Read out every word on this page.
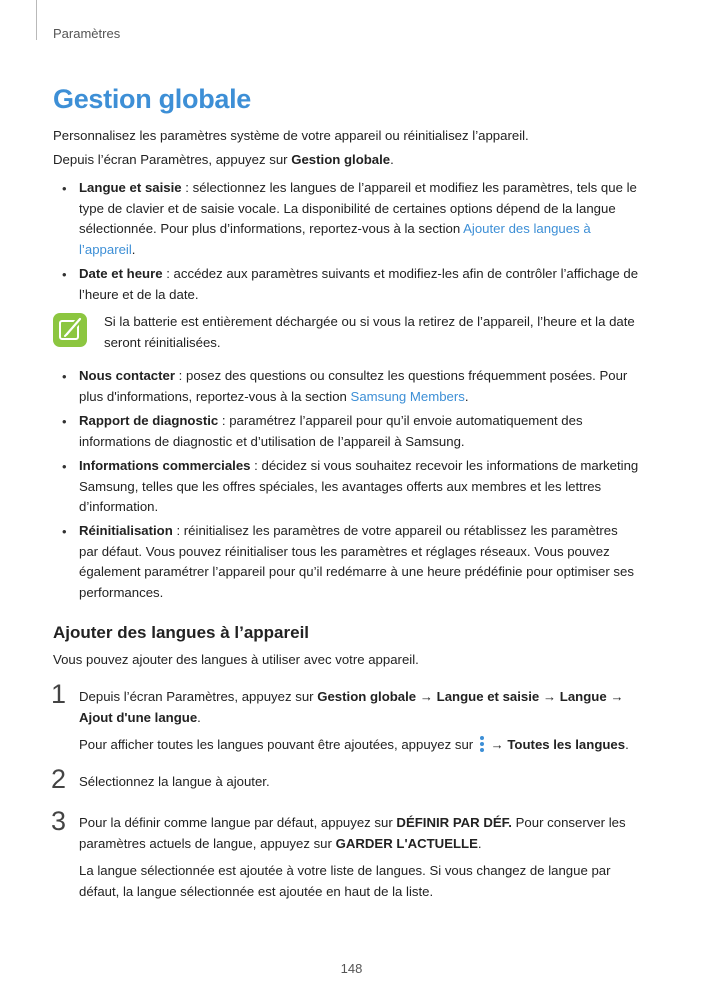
Paramètres
Gestion globale
Personnalisez les paramètres système de votre appareil ou réinitialisez l’appareil.
Depuis l’écran Paramètres, appuyez sur Gestion globale.
• Langue et saisie : sélectionnez les langues de l’appareil et modifiez les paramètres, tels que le
type de clavier et de saisie vocale. La disponibilité de certaines options dépend de la langue
sélectionnée. Pour plus d’informations, reportez-vous à la section Ajouter des langues à
l’appareil.
• Date et heure : accédez aux paramètres suivants et modifiez-les afin de contrôler l’affichage de
l’heure et de la date.
Si la batterie est entièrement déchargée ou si vous la retirez de l’appareil, l’heure et la date
seront réinitialisées.
• Nous contacter : posez des questions ou consultez les questions fréquemment posées. Pour
plus d'informations, reportez-vous à la section Samsung Members.
• Rapport de diagnostic : paramétrez l’appareil pour qu’il envoie automatiquement des
informations de diagnostic et d’utilisation de l’appareil à Samsung.
• Informations commerciales : décidez si vous souhaitez recevoir les informations de marketing
Samsung, telles que les offres spéciales, les avantages offerts aux membres et les lettres
d’information.
• Réinitialisation : réinitialisez les paramètres de votre appareil ou rétablissez les paramètres
par défaut. Vous pouvez réinitialiser tous les paramètres et réglages réseaux. Vous pouvez
également paramétrer l’appareil pour qu’il redémarre à une heure prédéfinie pour optimiser ses
performances.
Ajouter des langues à l’appareil
Vous pouvez ajouter des langues à utiliser avec votre appareil.
1 Depuis l’écran Paramètres, appuyez sur Gestion globale → Langue et saisie → Langue →
Ajout d'une langue.
Pour afficher toutes les langues pouvant être ajoutées, appuyez sur
→ Toutes les langues.
2 Sélectionnez la langue à ajouter.
3 Pour la définir comme langue par défaut, appuyez sur DÉFINIR PAR DÉF. Pour conserver les
paramètres actuels de langue, appuyez sur GARDER L'ACTUELLE.
La langue sélectionnée est ajoutée à votre liste de langues. Si vous changez de langue par
défaut, la langue sélectionnée est ajoutée en haut de la liste.
148
